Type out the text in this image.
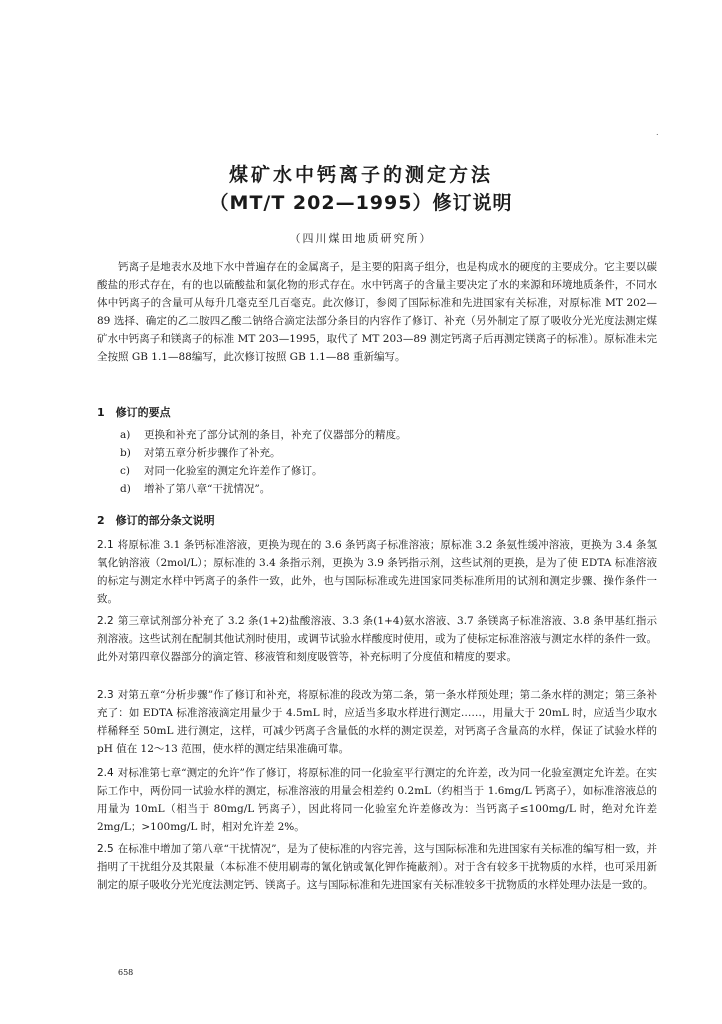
.
煤矿水中钙离子的测定方法
（MT/T 202—1995）修订说明
（四川煤田地质研究所）
钙离子是地表水及地下水中普遍存在的金属离子，是主要的阳离子组分，也是构成水的硬度的主要成分。它主要以碳酸盐的形式存在，有的也以硫酸盐和氯化物的形式存在。水中钙离子的含量主要决定了水的来源和环境地质条件，不同水体中钙离子的含量可从每升几毫克至几百毫克。此次修订，参阅了国际标准和先进国家有关标准，对原标准 MT 202—89 选择、确定的乙二胺四乙酸二钠络合滴定法部分条目的内容作了修订、补充（另外制定了原了吸收分光光度法测定煤矿水中钙离子和镁离子的标准 MT 203—1995，取代了 MT 203—89 测定钙离子后再测定镁离子的标准）。原标准未完全按照 GB 1.1—88编写，此次修订按照 GB 1.1—88 重新编写。
1　修订的要点
a)	更换和补充了部分试剂的条目，补充了仪器部分的精度。
b)	对第五章分析步骤作了补充。
c)	对同一化验室的测定允许差作了修订。
d)	增补了第八章“干扰情况”。
2　修订的部分条文说明
2.1 将原标准 3.1 条钙标准溶液，更换为现在的 3.6 条钙离子标准溶液；原标准 3.2 条氨性缓冲溶液，更换为 3.4 条氢氧化钠溶液（2mol/L）；原标准的 3.4 条指示剂，更换为 3.9 条钙指示剂，这些试剂的更换，是为了使 EDTA 标准溶液的标定与测定水样中钙离子的条件一致，此外，也与国际标准或先进国家同类标准所用的试剂和测定步骤、操作条件一致。
2.2 第三章试剂部分补充了 3.2 条(1+2)盐酸溶液、3.3 条(1+4)氨水溶液、3.7 条镁离子标准溶液、3.8 条甲基红指示剂溶液。这些试剂在配制其他试剂时使用，或调节试验水样酸度时使用，或为了使标定标准溶液与测定水样的条件一致。此外对第四章仪器部分的滴定管、移液管和刻度吸管等，补充标明了分度值和精度的要求。
2.3 对第五章“分析步骤”作了修订和补充，将原标准的段改为第二条，第一条水样预处理；第二条水样的测定；第三条补充了：如 EDTA 标准溶液滴定用量少于 4.5mL 时，应适当多取水样进行测定……，用量大于 20mL 时，应适当少取水样稀释至 50mL 进行测定，这样，可减少钙离子含量低的水样的测定误差，对钙离子含量高的水样，保证了试验水样的 pH 值在 12～13 范围，使水样的测定结果准确可靠。
2.4 对标准第七章“测定的允许”作了修订，将原标准的同一化验室平行测定的允许差，改为同一化验室测定允许差。在实际工作中，两份同一试验水样的测定，标准溶液的用量会相差约 0.2mL（约相当于 1.6mg/L 钙离子），如标准溶液总的用量为 10mL（相当于 80mg/L 钙离子），因此将同一化验室允许差修改为：当钙离子≤100mg/L 时，绝对允许差 2mg/L；>100mg/L 时，相对允许差 2%。
2.5 在标准中增加了第八章“干扰情况”，是为了使标准的内容完善，这与国际标准和先进国家有关标准的编写相一致，并指明了干扰组分及其限量（本标准不使用刷毒的氰化钠或氰化钾作掩蔽剂）。对于含有较多干扰物质的水样，也可采用新制定的原子吸收分光光度法测定钙、镁离子。这与国际标准和先进国家有关标准较多干扰物质的水样处理办法是一致的。
658
